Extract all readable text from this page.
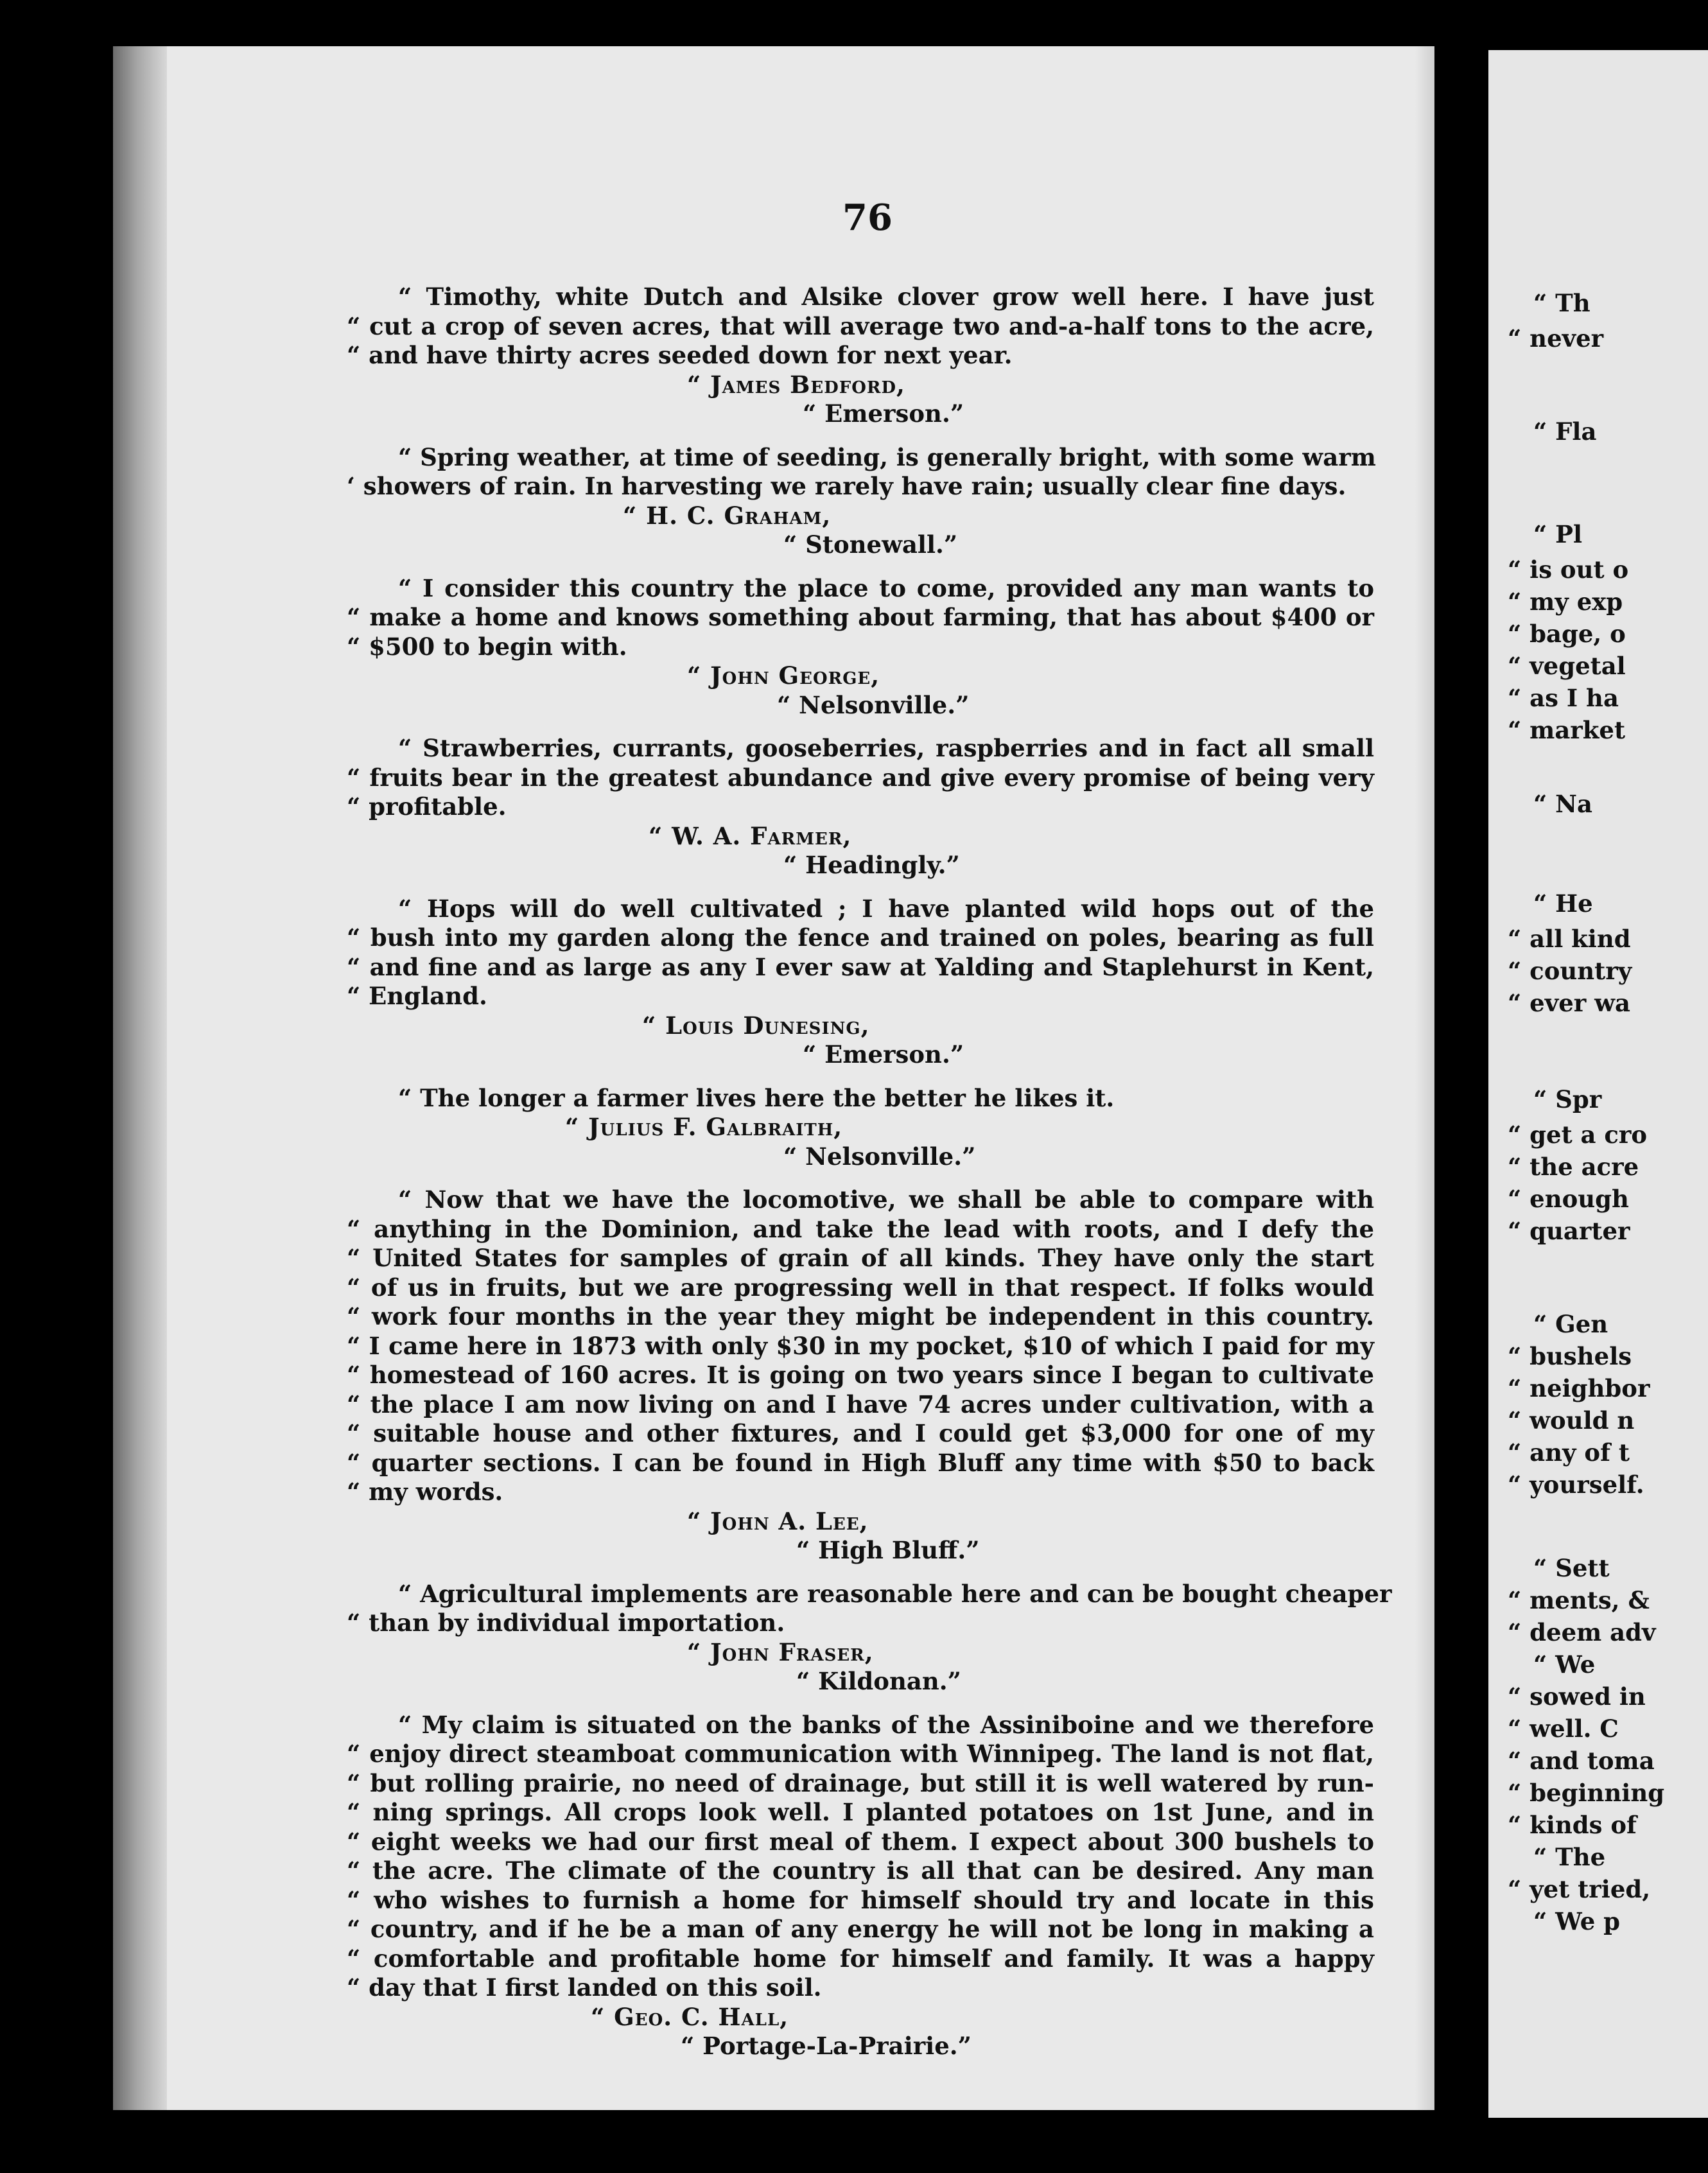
76
“ Timothy, white Dutch and Alsike clover grow well here. I have just
“ cut a crop of seven acres, that will average two and-a-half tons to the acre,
“ and have thirty acres seeded down for next year.
“ James Bedford,
“ Emerson.”
“ Spring weather, at time of seeding, is generally bright, with some warm
‘ showers of rain. In harvesting we rarely have rain; usually clear fine days.
“ H. C. Graham,
“ Stonewall.”
“ I consider this country the place to come, provided any man wants to
“ make a home and knows something about farming, that has about $400 or
“ $500 to begin with.
“ John George,
“ Nelsonville.”
“ Strawberries, currants, gooseberries, raspberries and in fact all small
“ fruits bear in the greatest abundance and give every promise of being very
“ profitable.
“ W. A. Farmer,
“ Headingly.”
“ Hops will do well cultivated ; I have planted wild hops out of the
“ bush into my garden along the fence and trained on poles, bearing as full
“ and fine and as large as any I ever saw at Yalding and Staplehurst in Kent,
“ England.
“ Louis Dunesing,
“ Emerson.”
“ The longer a farmer lives here the better he likes it.
“ Julius F. Galbraith,
“ Nelsonville.”
“ Now that we have the locomotive, we shall be able to compare with
“ anything in the Dominion, and take the lead with roots, and I defy the
“ United States for samples of grain of all kinds. They have only the start
“ of us in fruits, but we are progressing well in that respect. If folks would
“ work four months in the year they might be independent in this country.
“ I came here in 1873 with only $30 in my pocket, $10 of which I paid for my
“ homestead of 160 acres. It is going on two years since I began to cultivate
“ the place I am now living on and I have 74 acres under cultivation, with a
“ suitable house and other fixtures, and I could get $3,000 for one of my
“ quarter sections. I can be found in High Bluff any time with $50 to back
“ my words.
“ John A. Lee,
“ High Bluff.”
“ Agricultural implements are reasonable here and can be bought cheaper
“ than by individual importation.
“ John Fraser,
“ Kildonan.”
“ My claim is situated on the banks of the Assiniboine and we therefore
“ enjoy direct steamboat communication with Winnipeg. The land is not flat,
“ but rolling prairie, no need of drainage, but still it is well watered by run-
“ ning springs. All crops look well. I planted potatoes on 1st June, and in
“ eight weeks we had our first meal of them. I expect about 300 bushels to
“ the acre. The climate of the country is all that can be desired. Any man
“ who wishes to furnish a home for himself should try and locate in this
“ country, and if he be a man of any energy he will not be long in making a
“ comfortable and profitable home for himself and family. It was a happy
“ day that I first landed on this soil.
“ Geo. C. Hall,
“ Portage-La-Prairie.”
“ Th
“ never
“ Fla
“ Pl
“ is out o
“ my exp
“ bage, o
“ vegetal
“ as I ha
“ market
“ Na
“ He
“ all kind
“ country
“ ever wa
“ Spr
“ get a cro
“ the acre
“ enough
“ quarter
“ Gen
“ bushels
“ neighbor
“ would n
“ any of t
“ yourself.
“ Sett
“ ments, &
“ deem adv
“ We
“ sowed in
“ well. C
“ and toma
“ beginning
“ kinds of
“ The
“ yet tried,
“ We p
